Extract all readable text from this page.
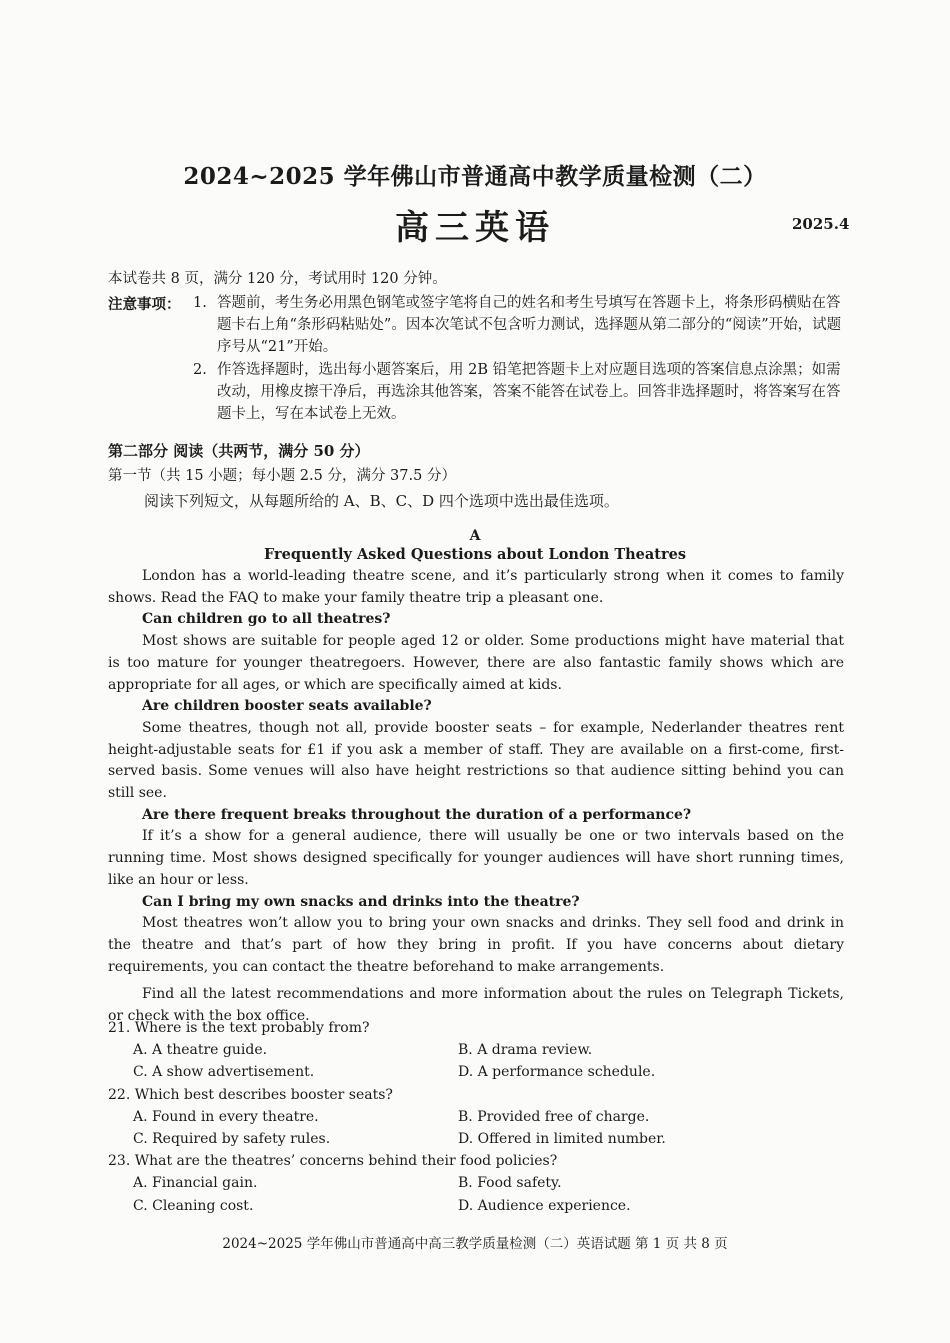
2024~2025 学年佛山市普通高中教学质量检测（二）
高三英语	2025.4
本试卷共 8 页，满分 120 分，考试用时 120 分钟。
注意事项： 1. 答题前，考生务必用黑色钢笔或签字笔将自己的姓名和考生号填写在答题卡上，将条形码横贴在答题卡右上角“条形码粘贴处”。因本次笔试不包含听力测试，选择题从第二部分的“阅读”开始，试题序号从“21”开始。
2. 作答选择题时，选出每小题答案后，用 2B 铅笔把答题卡上对应题目选项的答案信息点涂黑；如需改动，用橡皮擦干净后，再选涂其他答案，答案不能答在试卷上。回答非选择题时，将答案写在答题卡上，写在本试卷上无效。
第二部分 阅读（共两节，满分 50 分）
第一节（共 15 小题；每小题 2.5 分，满分 37.5 分）
阅读下列短文，从每题所给的 A、B、C、D 四个选项中选出最佳选项。
A
Frequently Asked Questions about London Theatres

London has a world-leading theatre scene, and it’s particularly strong when it comes to family shows. Read the FAQ to make your family theatre trip a pleasant one.

Can children go to all theatres?

Most shows are suitable for people aged 12 or older. Some productions might have material that is too mature for younger theatregoers. However, there are also fantastic family shows which are appropriate for all ages, or which are specifically aimed at kids.

Are children booster seats available?

Some theatres, though not all, provide booster seats – for example, Nederlander theatres rent height-adjustable seats for £1 if you ask a member of staff. They are available on a first-come, first-served basis. Some venues will also have height restrictions so that audience sitting behind you can still see.

Are there frequent breaks throughout the duration of a performance?

If it’s a show for a general audience, there will usually be one or two intervals based on the running time. Most shows designed specifically for younger audiences will have short running times, like an hour or less.

Can I bring my own snacks and drinks into the theatre?

Most theatres won’t allow you to bring your own snacks and drinks. They sell food and drink in the theatre and that’s part of how they bring in profit. If you have concerns about dietary requirements, you can contact the theatre beforehand to make arrangements.

Find all the latest recommendations and more information about the rules on Telegraph Tickets, or check with the box office.

21. Where is the text probably from?
A. A theatre guide.	B. A drama review.
C. A show advertisement.	D. A performance schedule.
22. Which best describes booster seats?
A. Found in every theatre.	B. Provided free of charge.
C. Required by safety rules.	D. Offered in limited number.
23. What are the theatres’ concerns behind their food policies?
A. Financial gain.	B. Food safety.
C. Cleaning cost.	D. Audience experience.
2024~2025 学年佛山市普通高中高三教学质量检测（二）英语试题 第 1 页 共 8 页
